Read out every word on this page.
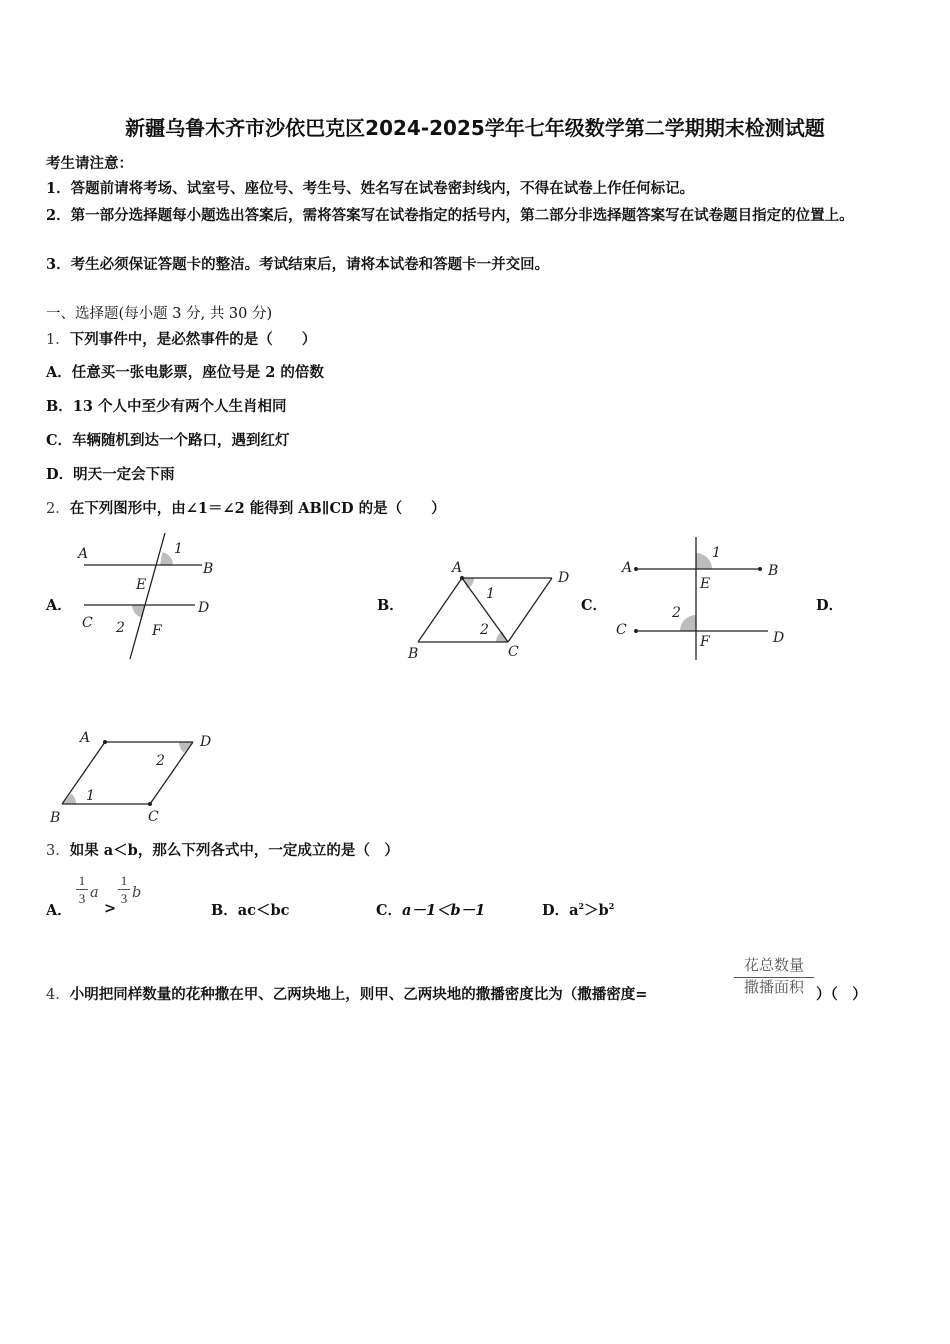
新疆乌鲁木齐市沙依巴克区2024-2025学年七年级数学第二学期期末检测试题
考生请注意：
1．答题前请将考场、试室号、座位号、考生号、姓名写在试卷密封线内，不得在试卷上作任何标记。
2．第一部分选择题每小题选出答案后，需将答案写在试卷指定的括号内，第二部分非选择题答案写在试卷题目指定的位置上。
3．考生必须保证答题卡的整洁。考试结束后，请将本试卷和答题卡一并交回。
一、选择题(每小题 3 分, 共 30 分)
1．下列事件中，是必然事件的是（　　）
A．任意买一张电影票，座位号是 2 的倍数
B．13 个人中至少有两个人生肖相同
C．车辆随机到达一个路口，遇到红灯
D．明天一定会下雨
2．在下列图形中，由∠1＝∠2 能得到 AB∥CD 的是（　　）
A．	B．	C．	D．
A
B
C
D
E
F
1
2
A
B	C
D
1
2
A	B
C	D
E
F
1
2
A
B	C
D
1
2
3．如果 a＜b，那么下列各式中，一定成立的是（　）
A．
1
3 a
>
1
3 b
B．ac＜bc	C．a－1＜b－1	D．$a^2>b^2$
4．小明把同样数量的花种撒在甲、乙两块地上，则甲、乙两块地的撒播密度比为（撒播密度=
花总数量
撒播面积 ）（　）
